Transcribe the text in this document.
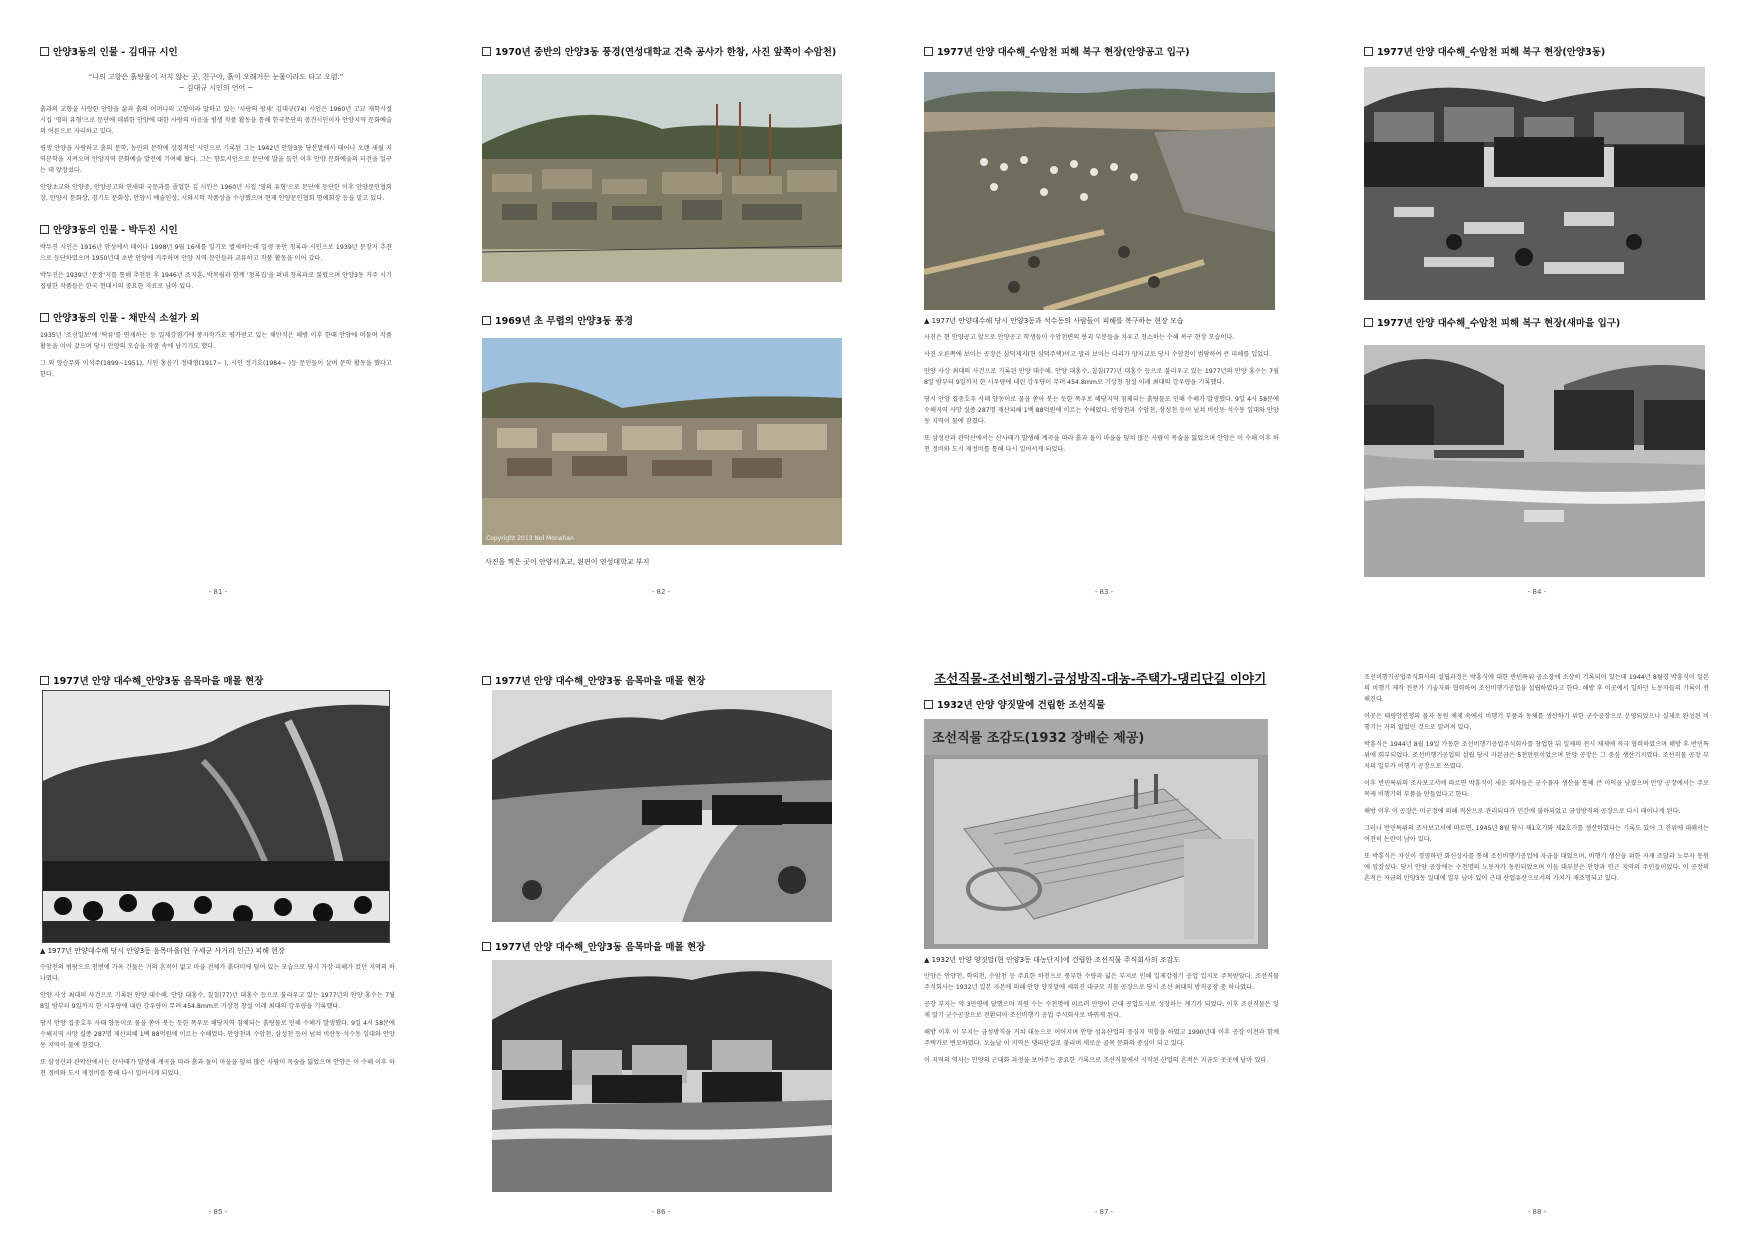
안양3동의 인물 - 김대규 시인
“나의 고향은 흙탕물이 서지 않는 곳, 친구야, 흙이 오래거든 눈물이라도 타고 오렴.”
~ 김대규 시인의 언어 ~

흙과의 교향을 사랑한 안양을 삶과 흙의 어머니의 고향이라 말하고 있는 '사랑의 팡세' 김대규(74) 시인은 1960년 고교 재학시절 시집 '영의 유형'으로 문단에 데뷔한 안양에 대한 사랑의 마음을 평생 작품 활동을 통해 한국문단의 중견시인이자 안양지역 문화예술의 어른으로 자리하고 있다.

평생 안양을 사랑하고 흙의 문학, 농민의 문학에 상징적인 시인으로 기록된 그는 1942년 안양3동 당산말에서 태어나 오랜 세월 지역문학을 지켜오며 안양지역 문화예술 발전에 기여해 왔다. 그는 향토시인으로 문단에 발을 들인 이후 안양 문화예술의 터전을 일구는 데 앞장섰다.

안양초교와 안양중, 안양공고와 연세대 국문과를 졸업한 김 시인은 1960년 시집 '영의 유형'으로 문단에 등단한 이후 안양문인협회장, 안양시 문화상, 경기도 문화상, 안양시 예술인상, 시와시학 작품상을 수상했으며 현재 안양문인협회 명예회장 등을 맡고 있다.

안양3동의 인물 - 박두진 시인

박두진 시인은 1916년 안성에서 태어나 1998년 9월 16세를 일기로 별세하는데 일생 동안 청록파 시인으로 1939년 문장지 추천으로 등단하였으며 1950년대 초반 안양에 거주하며 안양 지역 문인들과 교류하고 작품 활동을 이어 갔다.

박두진은 1939년 '문장'지를 통해 추천된 후 1946년 조지훈, 박목월과 함께 '청록집'을 펴내 청록파로 불렸으며 안양3동 거주 시기 집필한 작품들은 한국 현대시의 중요한 자료로 남아 있다.

안양3동의 인물 - 채만식 소설가 외

1935년 '조선일보'에 '탁류'를 연재하는 등 일제강점기에 풍자작가로 평가받고 있는 채만식은 해방 이후 한때 안양에 머물며 작품 활동을 이어 갔으며 당시 안양의 모습을 작품 속에 남기기도 했다.

그 외 양승무와 이석주(1899~1951), 시인 홍윤기 정태영(1917~ ), 시인 정기호(1984~ )등 문인들이 살며 문학 활동을 했다고 한다.

- 81 -
1970년 중반의 안양3동 풍경(연성대학교 건축 공사가 한창, 사진 앞쪽이 수암천)
1969년 초 무렵의 안양3동 풍경
Copyright 2013 Nol Monahan
사진을 찍은 곳이 안양서초교, 왼편이 연성대학교 부지
- 82 -
1977년 안양 대수해_수암천 피해 복구 현장(안양공고 입구)
▲ 1977년 안양대수해 당시 안양3동과 석수동의 사람들이 피해를 복구하는 현장 모습

사진은 현 안양공고 앞으로 안양공고 학생들이 수암천변의 붕괴 부분들을 치우고 청소하는 수해 복구 현장 모습이다.

사진 오른쪽에 보이는 공장은 삼덕제지(현 삼덕주택)이고 멀리 보이는 다리가 양지교로 당시 수암천이 범람하여 큰 피해를 입었다.

안양 사상 최대의 사건으로 기록된 안양 대수해. 안양 대홍수, 칠칠(77)년 대홍수 등으로 불리우고 있는 1977년의 안양 홍수는 7월 8일 밤부터 9일까지 한 시우량에 내린 강우량이 무려 454.8mm로 기상청 창설 이래 최대의 강우량을 기록했다.

당시 안양 집중호우 사태 양동이로 물을 쏟아 붓는 듯한 폭우로 해당지역 침체되는 흙탕물로 인해 수해가 발생했다. 9일 4시 58분에 수해지역 사망 실종 287명 재산피해 1백 88억원에 이르는 수해였다. 안양천과 수암천, 삼성천 등이 넘쳐 비산동·석수동 일대와 안양동 지역이 물에 잠겼다.

또 삼성산과 관악산에서는 산사태가 발생해 계곡을 따라 흙과 돌이 마을을 덮쳐 많은 사람이 목숨을 잃었으며 안양은 이 수해 이후 하천 정비와 도시 재정비를 통해 다시 일어서게 되었다.

- 83 -
1977년 안양 대수해_수암천 피해 복구 현장(안양3동)
1977년 안양 대수해_수암천 피해 복구 현장(새마을 입구)
- 84 -
1977년 안양 대수해_안양3동 음목마을 매몰 현장
▲ 1977년 안양대수해 당시 안양3동 음목마을(현 구세군 사거리 인근) 피해 현장

수암천의 범람으로 천변에 가옥 건물은 거의 흔적이 없고 마을 전체가 흙더미에 덮여 있는 모습으로 당시 가장 피해가 컸던 지역의 하나였다.

안양 사상 최대의 사건으로 기록된 안양 대수해. 안양 대홍수, 칠칠(77)년 대홍수 등으로 불리우고 있는 1977년의 안양 홍수는 7월 8일 밤부터 9일까지 한 시우량에 내린 강우량이 무려 454.8mm로 기상청 창설 이래 최대의 강우량을 기록했다.

당시 안양 집중호우 사태 양동이로 물을 쏟아 붓는 듯한 폭우로 해당지역 침체되는 흙탕물로 인해 수해가 발생했다. 9일 4시 58분에 수해지역 사망 실종 287명 재산피해 1백 88억원에 이르는 수해였다. 안양천과 수암천, 삼성천 등이 넘쳐 비산동·석수동 일대와 안양동 지역이 물에 잠겼다.

또 삼성산과 관악산에서는 산사태가 발생해 계곡을 따라 흙과 돌이 마을을 덮쳐 많은 사람이 목숨을 잃었으며 안양은 이 수해 이후 하천 정비와 도시 재정비를 통해 다시 일어서게 되었다.

- 85 -
1977년 안양 대수해_안양3동 음목마을 매몰 현장
1977년 안양 대수해_안양3동 음목마을 매몰 현장
- 86 -
조선직물-조선비행기-금성방직-대농-주택가-댕리단길 이야기
1932년 안양 양짓말에 건립한 조선직물
조선직물 조감도(1932 장배순 제공)
▲ 1932년 안양 양짓말(현 안양3동 대농단지)에 건립한 조선직물 주식회사의 조감도

안양은 안양천, 학의천, 수암천 등 주요한 하천으로 풍부한 수량과 넓은 부지로 인해 일제강점기 공업 입지로 주목받았다. 조선직물 주식회사는 1932년 일본 자본에 의해 안양 양짓말에 세워진 대규모 직물 공장으로 당시 조선 최대의 방직공장 중 하나였다.

공장 부지는 약 3만평에 달했으며 직원 수는 수천명에 이르러 안양이 근대 공업도시로 성장하는 계기가 되었다. 이후 조선직물은 일제 말기 군수공장으로 전환되어 조선비행기 공업 주식회사로 바뀌게 된다.

해방 이후 이 부지는 금성방직을 거쳐 대농으로 이어지며 안양 섬유산업의 중심지 역할을 하였고 1990년대 이후 공장 이전과 함께 주택가로 변모하였다. 오늘날 이 지역은 댕리단길로 불리며 새로운 골목 문화의 중심이 되고 있다.

이 지역의 역사는 안양의 근대화 과정을 보여주는 중요한 기록으로 조선직물에서 시작된 산업의 흔적은 지금도 곳곳에 남아 있다.

- 87 -

조선비행기공업주식회사의 설립과정은 박흥식에 대한 반민특위 공소장에 소상히 기록되어 있는데 1944년 8월경 박흥식이 일본의 비행기 제작 전문가 기술자와 협력하여 조선비행기공업을 설립하였다고 한다. 해방 후 이곳에서 일하던 노동자들의 기록이 전해진다.

이곳은 태평양전쟁의 물자 동원 체제 속에서 비행기 부품과 동체를 생산하기 위한 군수공장으로 운영되었으나 실제로 완성된 비행기는 거의 없었던 것으로 알려져 있다.

박흥식은 1944년 8월 19일 가동한 조선비행기공업주식회사를 창업한 뒤 일제의 전시 체제에 적극 협력하였으며 해방 후 반민특위에 회부되었다. 조선비행기공업의 설립 당시 자본금은 5천만원이었으며 안양 공장은 그 중심 생산기지였다. 조선직물 공장 부지의 일부가 비행기 공장으로 쓰였다.

이후 반민특위의 조사보고서에 따르면 박흥식이 세운 회사들은 군수물자 생산을 통해 큰 이익을 남겼으며 안양 공장에서는 주로 목제 비행기의 부품을 만들었다고 한다.

해방 이후 이 공장은 미군정에 의해 적산으로 관리되다가 민간에 불하되었고 금성방직의 공장으로 다시 태어나게 된다.

그러나 반민특위의 조사보고서에 따르면, 1945년 8월 당시 제1호기와 제2호기를 생산하였다는 기록도 있어 그 진위에 대해서는 여전히 논란이 남아 있다.

또 박흥식은 자신이 경영하던 화신상사를 통해 조선비행기공업에 자금을 대었으며, 비행기 생산을 위한 자재 조달과 노무자 동원에 앞장섰다. 당시 안양 공장에는 수천명의 노동자가 동원되었으며 이들 대부분은 안양과 인근 지역의 주민들이었다. 이 공장의 흔적은 지금의 안양3동 일대에 일부 남아 있어 근대 산업유산으로서의 가치가 재조명되고 있다.

- 88 -
